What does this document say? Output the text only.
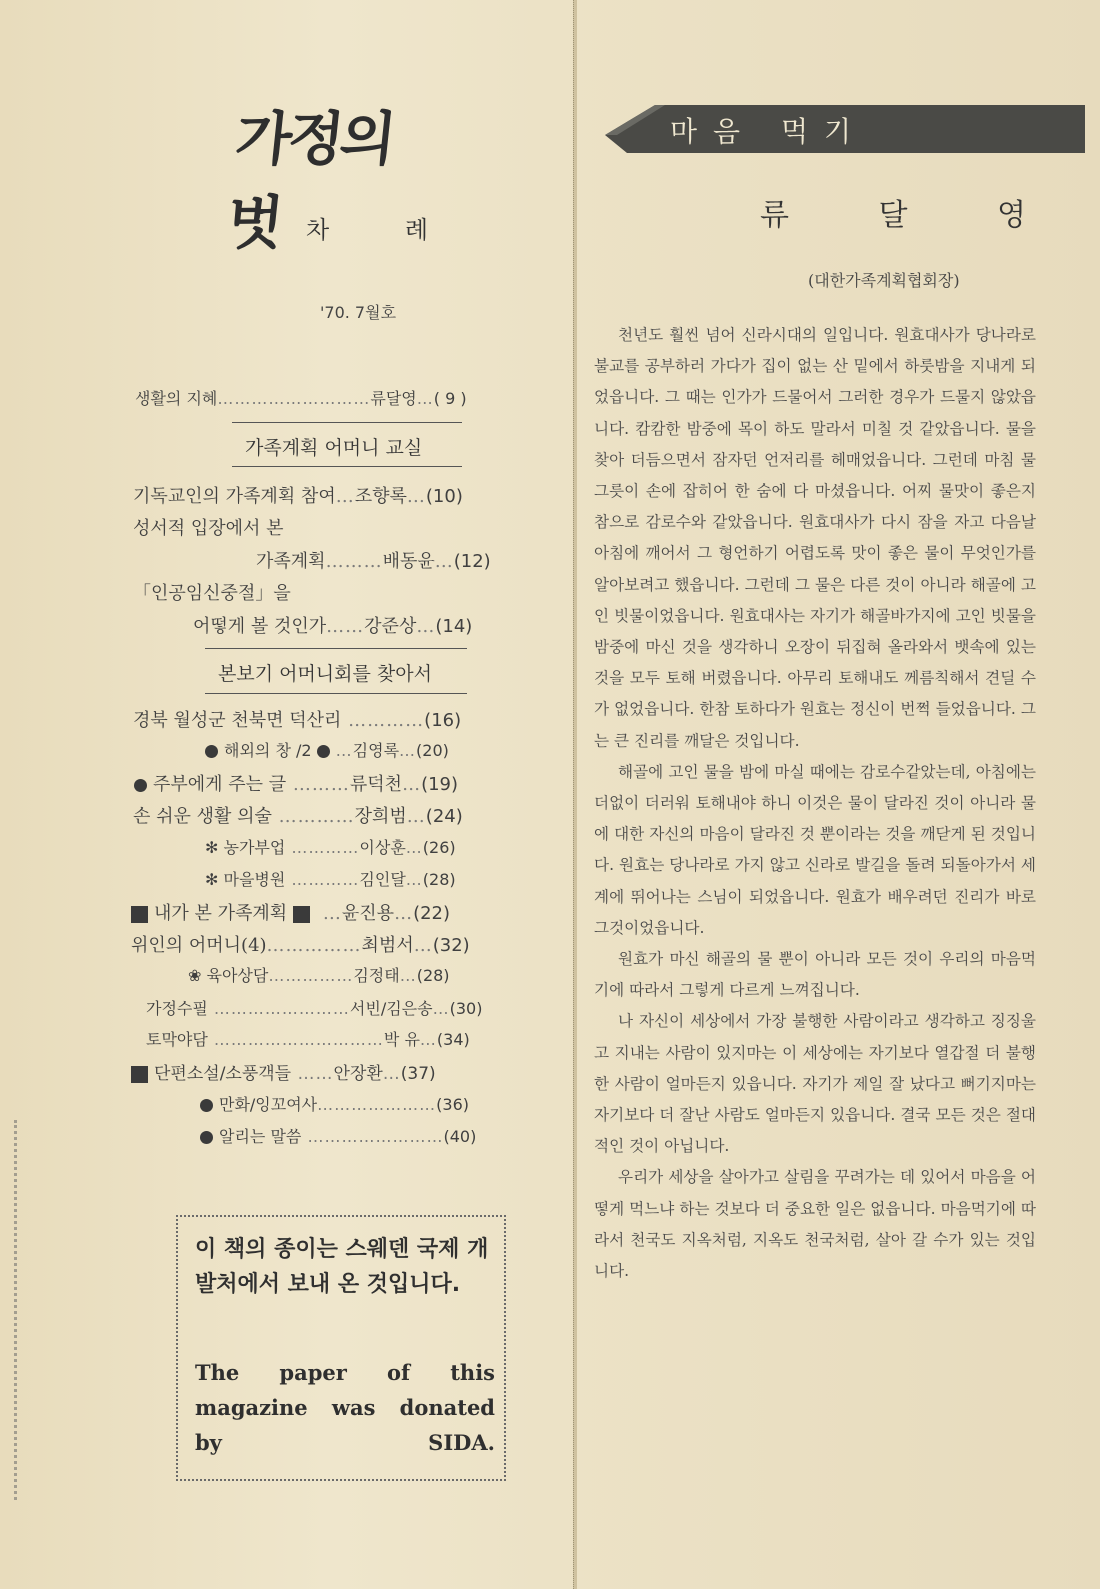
가정의 벗 차 례
'70. 7월호
생활의 지혜………………………류달영…( 9 )
가족계획 어머니 교실
기독교인의 가족계획 참여…조향록…(10)
성서적 입장에서 본
가족계획………배동윤…(12)
「인공임신중절」을
어떻게 볼 것인가……강준상…(14)
본보기 어머니회를 찾아서
경북 월성군 천북면 덕산리 …………(16)
해외의 창 /2 …김영록…(20)
주부에게 주는 글 ………류덕천…(19)
손 쉬운 생활 의술 …………장희범…(24)
✻ 농가부업 …………이상훈…(26)
✻ 마을병원 …………김인달…(28)
내가 본 가족계획 …윤진용…(22)
위인의 어머니(4)……………최범서…(32)
❀ 육아상담……………김정태…(28)
가정수필 ……………………서빈/김은송…(30)
토막야담 …………………………박 유…(34)
단편소설/소풍객들 ……안장환…(37)
만화/잉꼬여사…………………(36)
알리는 말씀 ……………………(40)
이 책의 종이는 스웨덴 국제 개발처에서 보내 온 것입니다.
The paper of this magazine was donated by SIDA.
마음 먹기
류 달 영
(대한가족계획협회장)

천년도 훨씬 넘어 신라시대의 일입니다. 원효대사가 당나라로 불교를 공부하러 가다가 집이 없는 산 밑에서 하룻밤을 지내게 되었읍니다. 그 때는 인가가 드물어서 그러한 경우가 드물지 않았읍니다. 캄캄한 밤중에 목이 하도 말라서 미칠 것 같았읍니다. 물을 찾아 더듬으면서 잠자던 언저리를 헤매었읍니다. 그런데 마침 물 그릇이 손에 잡히어 한 숨에 다 마셨읍니다. 어찌 물맛이 좋은지 참으로 감로수와 같았읍니다. 원효대사가 다시 잠을 자고 다음날 아침에 깨어서 그 형언하기 어렵도록 맛이 좋은 물이 무엇인가를 알아보려고 했읍니다. 그런데 그 물은 다른 것이 아니라 해골에 고인 빗물이었읍니다. 원효대사는 자기가 해골바가지에 고인 빗물을 밤중에 마신 것을 생각하니 오장이 뒤집혀 올라와서 뱃속에 있는 것을 모두 토해 버렸읍니다. 아무리 토해내도 께름칙해서 견딜 수가 없었읍니다. 한참 토하다가 원효는 정신이 번쩍 들었읍니다. 그는 큰 진리를 깨달은 것입니다.

해골에 고인 물을 밤에 마실 때에는 감로수같았는데, 아침에는 더없이 더러워 토해내야 하니 이것은 물이 달라진 것이 아니라 물에 대한 자신의 마음이 달라진 것 뿐이라는 것을 깨닫게 된 것입니다. 원효는 당나라로 가지 않고 신라로 발길을 돌려 되돌아가서 세계에 뛰어나는 스님이 되었읍니다. 원효가 배우려던 진리가 바로 그것이었읍니다.

원효가 마신 해골의 물 뿐이 아니라 모든 것이 우리의 마음먹기에 따라서 그렇게 다르게 느껴집니다.

나 자신이 세상에서 가장 불행한 사람이라고 생각하고 징징울고 지내는 사람이 있지마는 이 세상에는 자기보다 열갑절 더 불행한 사람이 얼마든지 있읍니다. 자기가 제일 잘 났다고 뻐기지마는 자기보다 더 잘난 사람도 얼마든지 있읍니다. 결국 모든 것은 절대적인 것이 아닙니다.

우리가 세상을 살아가고 살림을 꾸려가는 데 있어서 마음을 어떻게 먹느냐 하는 것보다 더 중요한 일은 없읍니다. 마음먹기에 따라서 천국도 지옥처럼, 지옥도 천국처럼, 살아 갈 수가 있는 것입니다.
